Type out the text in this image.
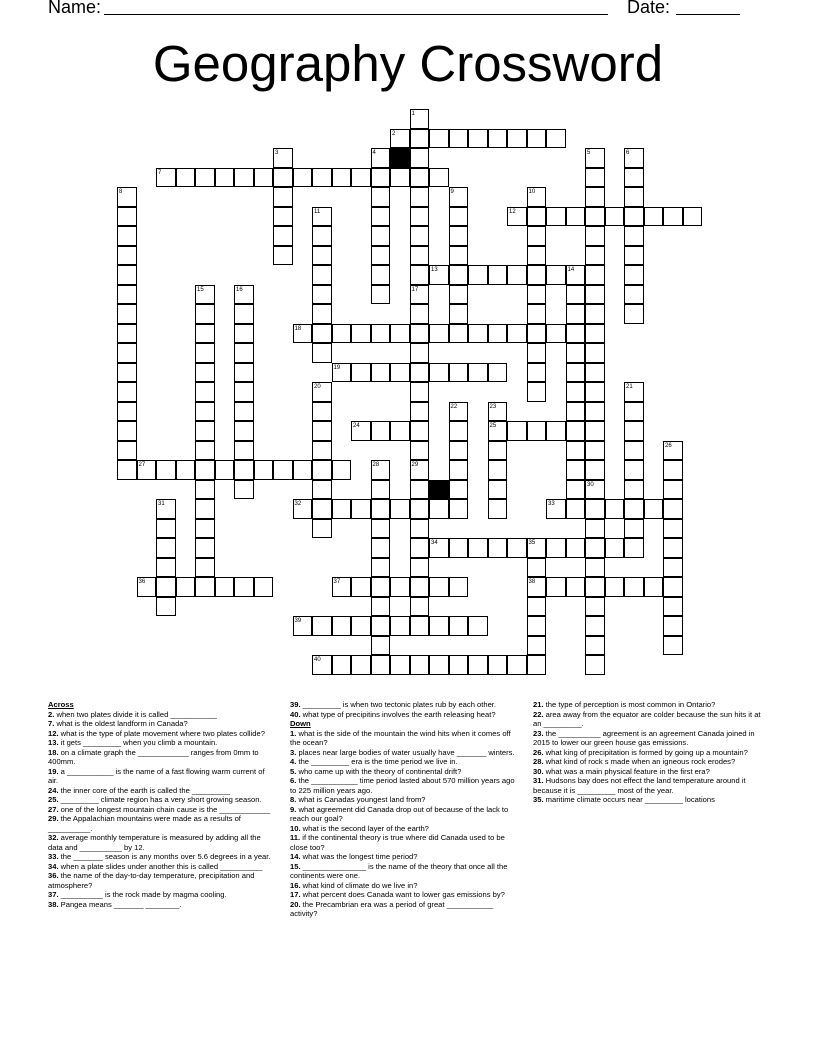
Name:	Date:
Geography Crossword
2
7
12
13
18
19
24	25
27
32	33
34
36	37	38
39
40
1
3	4	5	6
8	9	10
11
14
15	16	17
20	21
22	23
26
28	29
30
31
35
Across
2. when two plates divide it is called ___________
7. what is the oldest landform in Canada?
12. what is the type of plate movement where two plates collide?
13. it gets _________ when you climb a mountain.
18. on a climate graph the ____________ ranges from 0mm to 400mm.
19. a ___________ is the name of a fast flowing warm current of air.
24. the inner core of the earth is called the _________
25. _________ climate region has a very short growing season.
27. one of the longest mountain chain cause is the ____________
29. the Appalachian mountains were made as a results of __________.
32. average monthly temperature is measured by adding all the data and __________ by 12.
33. the _______ season is any months over 5.6 degrees in a year.
34. when a plate slides under another this is called __________
36. the name of the day-to-day temperature, precipitation and atmosphere?
37. __________ is the rock made by magma cooling.
38. Pangea means _______ ________.
39. _________ is when two tectonic plates rub by each other.
40. what type of precipitins involves the earth releasing heat?
Down
1. what is the side of the mountain the wind hits when it comes off the ocean?
3. places near large bodies of water usually have _______ winters.
4. the _________ era is the time period we live in.
5. who came up with the theory of continental drift?
6. the ___________ time period lasted about 570 million years ago to 225 million years ago.
8. what is Canadas youngest land from?
9. what agreement did Canada drop out of because of the lack to reach our goal?
10. what is the second layer of the earth?
11. if the continental theory is true where did Canada used to be close too?
14. what was the longest time period?
15. _______________ is the name of the theory that once all the continents were one.
16. what kind of climate do we live in?
17. what percent does Canada want to lower gas emissions by?
20. the Precambrian era was a period of great ___________ activity?
21. the type of perception is most common in Ontario?
22. area away from the equator are colder because the sun hits it at an _________.
23. the __________ agreement is an agreement Canada joined in 2015 to lower our green house gas emissions.
26. what king of precipitation is formed by going up a mountain?
28. what kind of rock s made when an igneous rock erodes?
30. what was a main physical feature in the first era?
31. Hudsons bay does not effect the land temperature around it because it is _________ most of the year.
35. maritime climate occurs near _________ locations
